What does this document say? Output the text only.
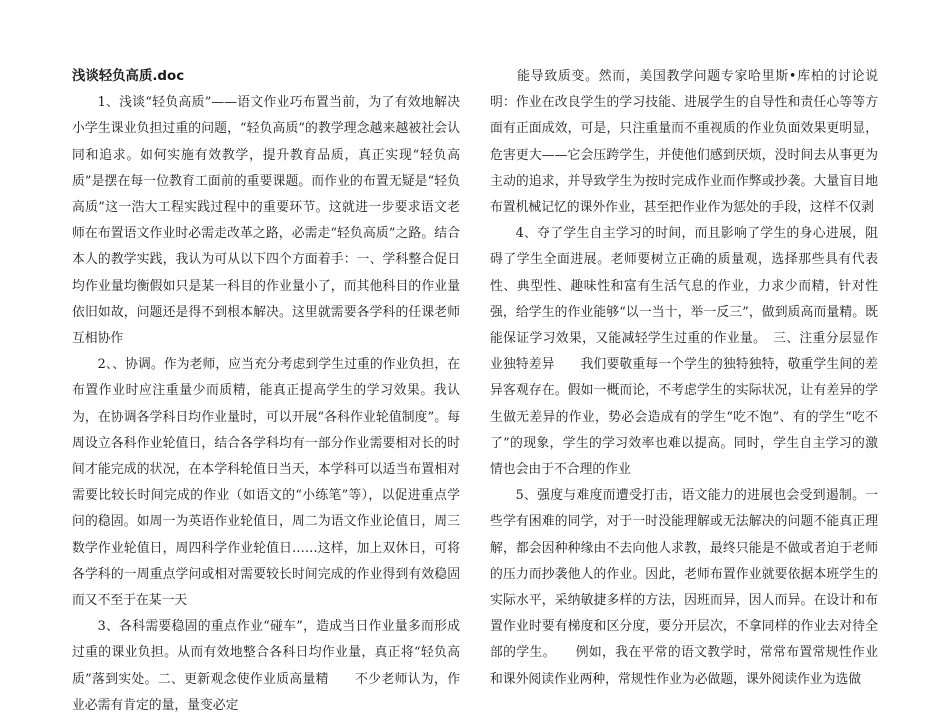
浅谈轻负高质.doc

1、浅谈“轻负高质”——语文作业巧布置当前，为了有效地解决小学生课业负担过重的问题，“轻负高质”的教学理念越来越被社会认同和追求。如何实施有效教学，提升教育品质，真正实现“轻负高质”是摆在每一位教育工面前的重要课题。而作业的布置无疑是“轻负高质”这一浩大工程实践过程中的重要环节。这就进一步要求语文老师在布置语文作业时必需走改革之路，必需走“轻负高质”之路。结合本人的教学实践，我认为可从以下四个方面着手：一、学科整合促日均作业量均衡假如只是某一科目的作业量小了，而其他科目的作业量依旧如故，问题还是得不到根本解决。这里就需要各学科的任课老师互相协作

2、、协调。作为老师，应当充分考虑到学生过重的作业负担，在布置作业时应注重量少而质精，能真正提高学生的学习效果。我认为，在协调各学科日均作业量时，可以开展“各科作业轮值制度”。每周设立各科作业轮值日，结合各学科均有一部分作业需要相对长的时间才能完成的状况，在本学科轮值日当天，本学科可以适当布置相对需要比较长时间完成的作业（如语文的“小练笔”等），以促进重点学问的稳固。如周一为英语作业轮值日，周二为语文作业论值日，周三数学作业轮值日，周四科学作业轮值日……这样，加上双休日，可将各学科的一周重点学问或相对需要较长时间完成的作业得到有效稳固而又不至于在某一天

3、各科需要稳固的重点作业“碰车”，造成当日作业量多而形成过重的课业负担。从而有效地整合各科日均作业量，真正将“轻负高质”落到实处。二、更新观念使作业质高量精　　不少老师认为，作业必需有肯定的量，量变必定

　　能导致质变。然而，美国教学问题专家哈里斯•库柏的讨论说明：作业在改良学生的学习技能、进展学生的自导性和责任心等等方面有正面成效，可是，只注重量而不重视质的作业负面效果更明显，危害更大——它会压跨学生，并使他们感到厌烦，没时间去从事更为主动的追求，并导致学生为按时完成作业而作弊或抄袭。大量盲目地布置机械记忆的课外作业，甚至把作业作为惩处的手段，这样不仅剥

4、夺了学生自主学习的时间，而且影响了学生的身心进展，阻碍了学生全面进展。老师要树立正确的质量观，选择那些具有代表性、典型性、趣味性和富有生活气息的作业，力求少而精，针对性强，给学生的作业能够“以一当十，举一反三”，做到质高而量精。既能保证学习效果，又能减轻学生过重的作业量。　三、注重分层显作业独特差异　　我们要敬重每一个学生的独特独特，敬重学生间的差异客观存在。假如一概而论，不考虑学生的实际状况，让有差异的学生做无差异的作业，势必会造成有的学生“吃不饱”、有的学生“吃不了”的现象，学生的学习效率也难以提高。同时，学生自主学习的激情也会由于不合理的作业

5、强度与难度而遭受打击，语文能力的进展也会受到遏制。一些学有困难的同学，对于一时没能理解或无法解决的问题不能真正理解，都会因种种缘由不去向他人求教，最终只能是不做或者迫于老师的压力而抄袭他人的作业。因此，老师布置作业就要依据本班学生的实际水平，采纳敏捷多样的方法，因班而异，因人而异。在设计和布置作业时要有梯度和区分度，要分开层次，不拿同样的作业去对待全部的学生。　　例如，我在平常的语文教学时，常常布置常规性作业和课外阅读作业两种，常规性作业为必做题，课外阅读作业为选做
